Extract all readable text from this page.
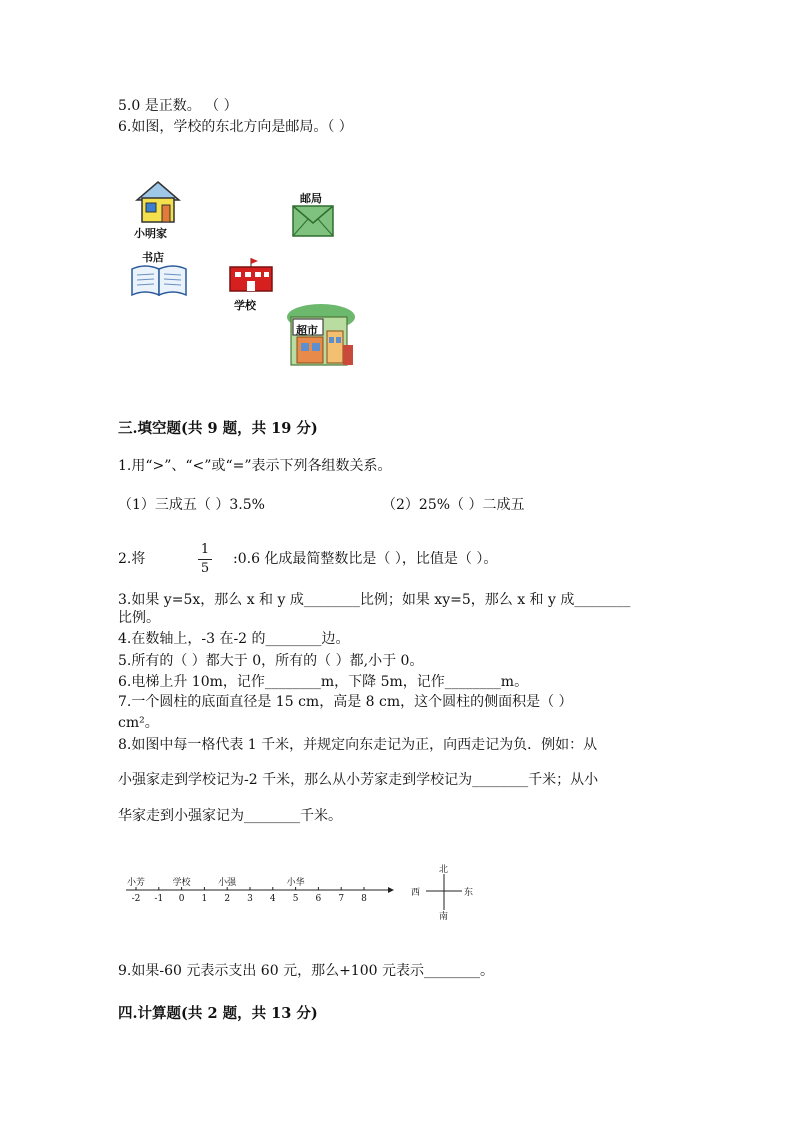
5.0 是正数。 （ ）
6.如图，学校的东北方向是邮局。（ ）
小明家
邮局
书店
学校
超市
三.填空题(共 9 题，共 19 分)
1.用“>”、“<”或“=”表示下列各组数关系。
（1）三成五（ ）3.5%	（2）25%（ ）二成五
2.将
1
5
:0.6 化成最简整数比是（ ），比值是（ ）。
3.如果 y=5x，那么 x 和 y 成________比例；如果 xy=5，那么 x 和 y 成________
比例。
4.在数轴上，-3 在-2 的________边。
5.所有的（ ）都大于 0，所有的（ ）都,小于 0。
6.电梯上升 10m，记作________m，下降 5m，记作________m。
7.一个圆柱的底面直径是 15 cm，高是 8 cm，这个圆柱的侧面积是（ ）
cm²。
8.如图中每一格代表 1 千米，并规定向东走记为正，向西走记为负．例如：从
小强家走到学校记为-2 千米，那么从小芳家走到学校记为________千米；从小
华家走到小强家记为________千米。
-2 -1 0 1 2 3 4 5 6 7 8
小芳	学校	小强	小华
北
南
东
西
9.如果-60 元表示支出 60 元，那么+100 元表示________。
四.计算题(共 2 题，共 13 分)
